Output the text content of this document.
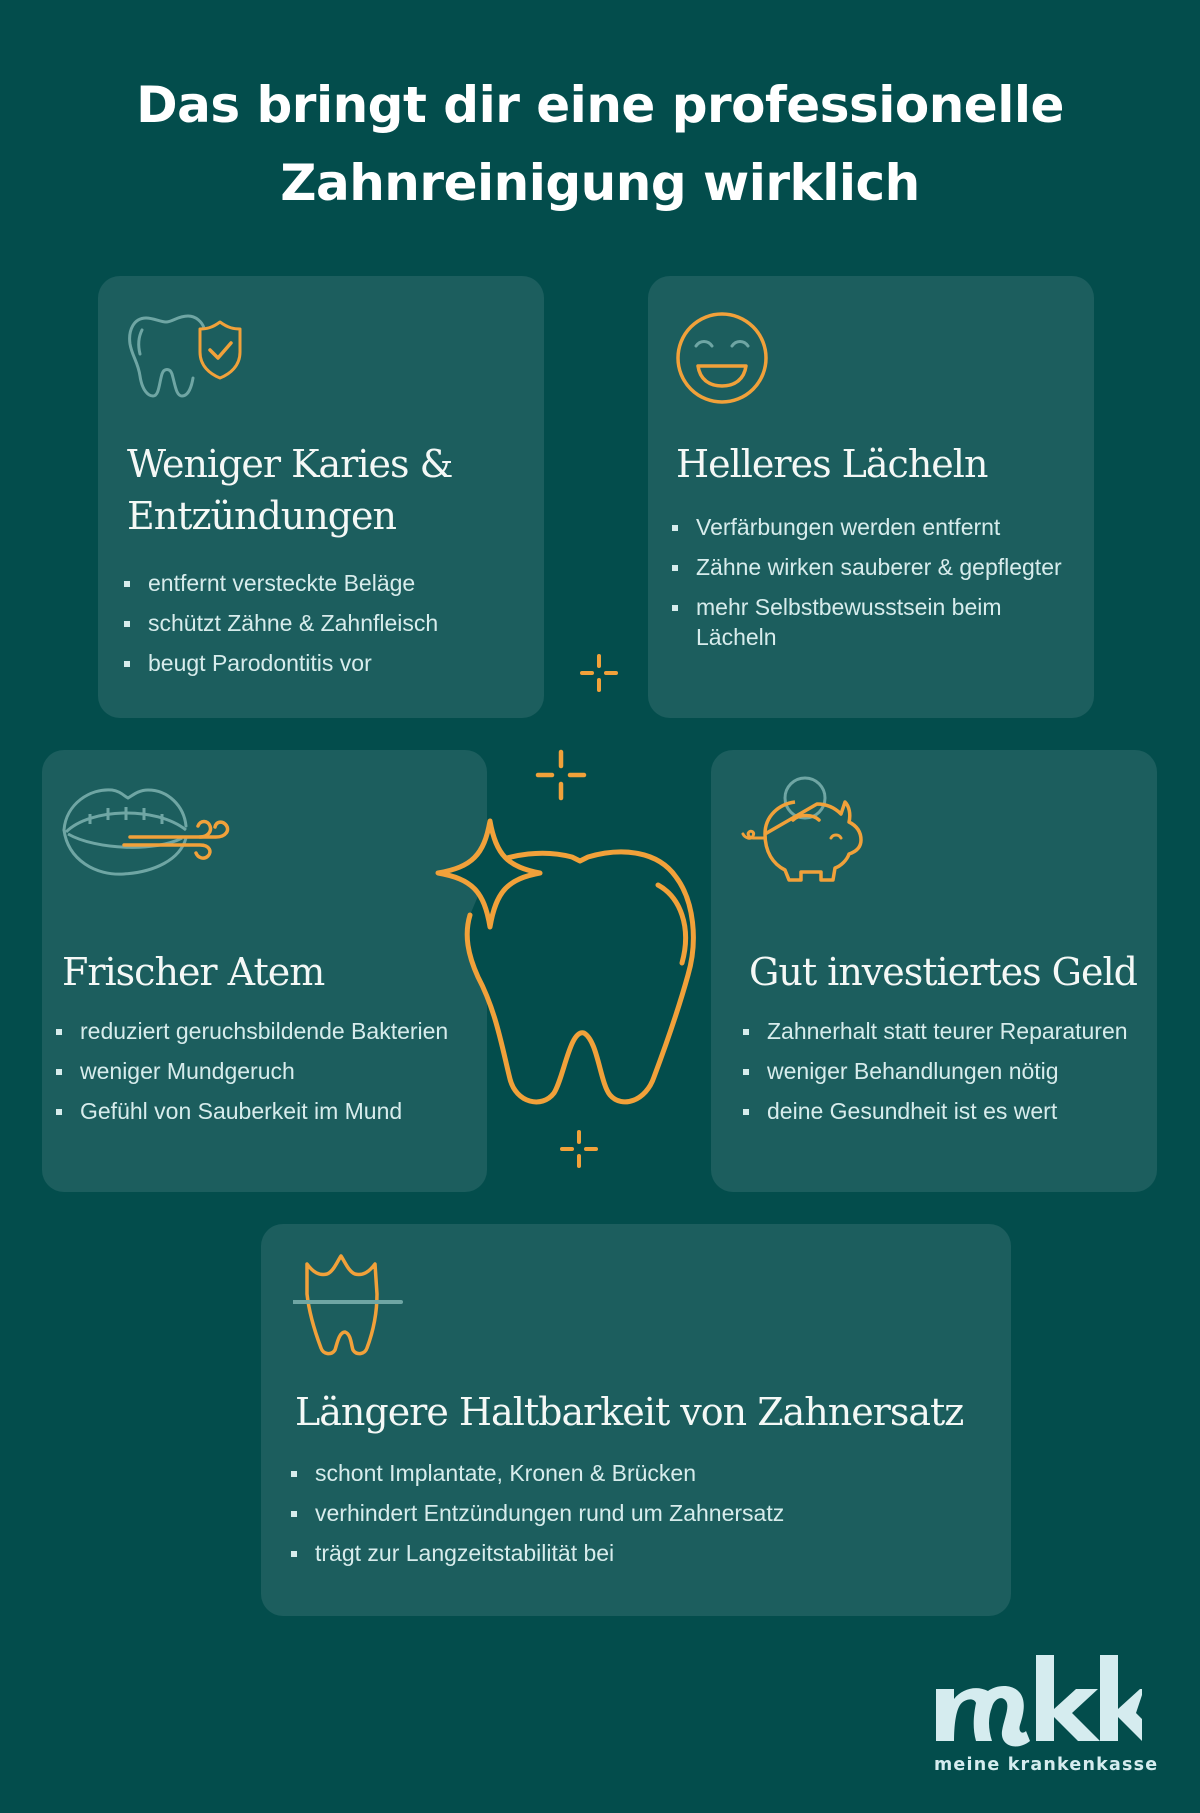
Das bringt dir eine professionelle
Zahnreinigung wirklich
Weniger Karies &
Entzündungen
entfernt versteckte Beläge
schützt Zähne & Zahnfleisch
beugt Parodontitis vor
Helleres Lächeln
Verfärbungen werden entfernt
Zähne wirken sauberer & gepflegter
mehr Selbstbewusstsein beim Lächeln
Frischer Atem
reduziert geruchsbildende Bakterien
weniger Mundgeruch
Gefühl von Sauberkeit im Mund
Gut investiertes Geld
Zahnerhalt statt teurer Reparaturen
weniger Behandlungen nötig
deine Gesundheit ist es wert
Längere Haltbarkeit von Zahnersatz
schont Implantate, Kronen & Brücken
verhindert Entzündungen rund um Zahnersatz
trägt zur Langzeitstabilität bei
meine krankenkasse
